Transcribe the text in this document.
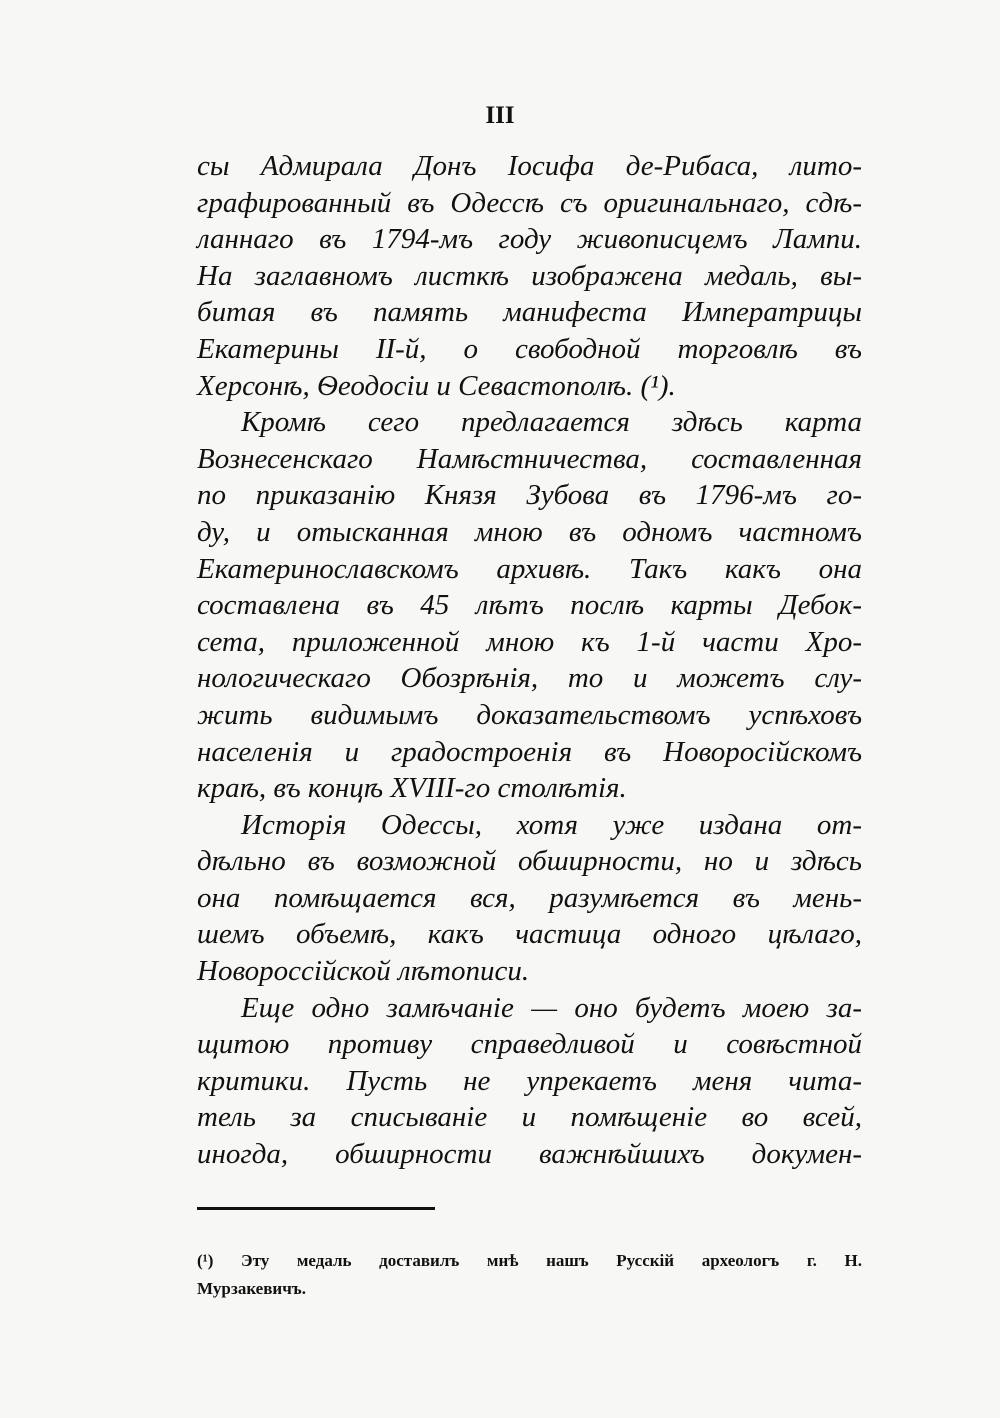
III
сы Адмирала Донъ Іосифа де-Рибаса, лито-
графированный въ Одессѣ съ оригинальнаго, сдѣ-
ланнаго въ 1794-мъ году живописцемъ Лампи.
На заглавномъ листкѣ изображена медаль, вы-
битая въ память манифеста Императрицы
Екатерины II-й, о свободной торговлѣ въ
Херсонѣ, Ѳеодосіи и Севастополѣ. (¹).
Кромѣ сего предлагается здѣсь карта
Вознесенскаго Намѣстничества, составленная
по приказанію Князя Зубова въ 1796-мъ го-
ду, и отысканная мною въ одномъ частномъ
Екатеринославскомъ архивѣ. Такъ какъ она
составлена въ 45 лѣтъ послѣ карты Дебок-
сета, приложенной мною къ 1-й части Хро-
нологическаго Обозрѣнія, то и можетъ слу-
жить видимымъ доказательствомъ успѣховъ
населенія и градостроенія въ Новоросійскомъ
краѣ, въ концѣ XVIII-го столѣтія.
Исторія Одессы, хотя уже издана от-
дѣльно въ возможной обширности, но и здѣсь
она помѣщается вся, разумѣется въ мень-
шемъ объемѣ, какъ частица одного цѣлаго,
Новороссійской лѣтописи.
Еще одно замѣчаніе — оно будетъ моею за-
щитою противу справедливой и совѣстной
критики. Пусть не упрекаетъ меня чита-
тель за списываніе и помѣщеніе во всей,
иногда, обширности важнѣйшихъ докумен-
(¹) Эту медаль доставилъ мнѣ нашъ Русскій археологъ г. Н.
Мурзакевичъ.
